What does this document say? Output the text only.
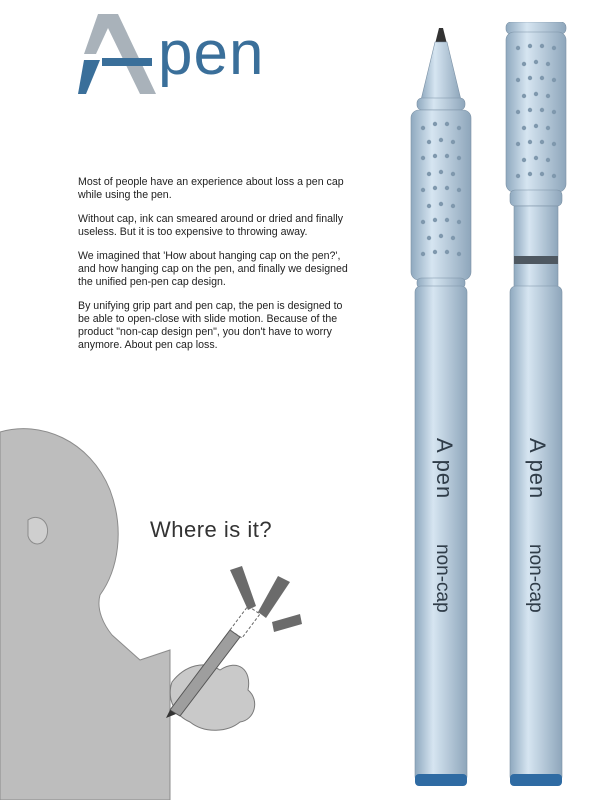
pen

Most of people have an experience about loss a pen cap while using the pen.

Without cap, ink can smeared around or dried and finally useless. But it is too expensive to throwing away.

We imagined that 'How about hanging cap on the pen?', and how hanging cap on the pen, and finally we designed the unified pen-pen cap design.

By unifying grip part and pen cap, the pen is designed to be able to open-close with slide motion. Because of the product "non-cap design pen", you don't have to worry anymore. About pen cap loss.

Where is it?
A pen
non-cap
A pen
non-cap
